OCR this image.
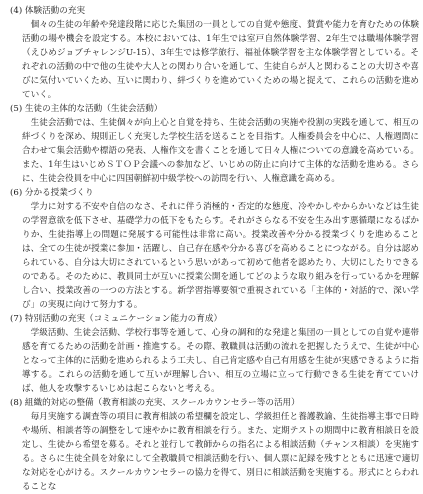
(4) 体験活動の充実

　個々の生徒の年齢や発達段階に応じた集団の一員としての自覚や態度、賛賞や能力を育むための体験活動の場や機会を設定する。本校においては、1年生では室戸自然体験学習、2年生では職場体験学習（えひめジョブチャレンジU-15）、3年生では修学旅行、福祉体験学習を主な体験学習としている。それぞれの活動の中で他の生徒や大人との関わり合いを通して、生徒自らが人と関わることの大切さや喜びに気付いていくため、互いに関わり、絆づくりを進めていくための場と捉えて、これらの活動を進めていく。

(5) 生徒の主体的な活動（生徒会活動）

　生徒会活動では、生徒個々が向上心と自覚を持ち、生徒会活動の実施や役割の実践を通して、相互の絆づくりを深め、規則正しく充実した学校生活を送ることを目指す。人権委員会を中心に、人権週間に合わせて集会活動や標語の発表、人権作文を書くことを通して日々人権についての意識を高めている。また、1年生はいじめＳＴＯＰ会議への参加など、いじめの防止に向けて主体的な活動を進める。さらに、生徒会役員を中心に四国朝鮮初中級学校への訪問を行い、人権意識を高める。

(6) 分かる授業づくり

　学力に対する不安や自信のなさ、それに伴う消極的・否定的な態度、冷やかしやからかいなどは生徒の学習意欲を低下させ、基礎学力の低下をもたらす。それがさらなる不安を生み出す悪循環になるばかりか、生徒指導上の問題に発展する可能性は非常に高い。授業改善や分かる授業づくりを進めることは、全ての生徒が授業に参加・活躍し、自己存在感や分かる喜びを高めることにつながる。自分は認められている、自分は大切にされているという思いがあって初めて他者を認めたり、大切にしたりできるのである。そのために、教員同士が互いに授業公開を通してどのような取り組みを行っているかを理解し合い、授業改善の一つの方法とする。新学習指導要領で重視されている「主体的・対話的で、深い学び」の実現に向けて努力する。

(7) 特別活動の充実（コミュニケーション能力の育成）

　学級活動、生徒会活動、学校行事等を通して、心身の調和的な発達と集団の一員としての自覚や連帯感を育てるための活動を計画・推進する。その際、教職員は活動の流れを把握したうえで、生徒が中心となって主体的に活動を進められるよう工夫し、自己肯定感や自己有用感を生徒が実感できるように指導する。これらの活動を通して互いが理解し合い、相互の立場に立って行動できる生徒を育てていけば、他人を攻撃するいじめは起こらないと考える。

(8) 組織的対応の整備（教育相談の充実、スクールカウンセラー等の活用）

　毎月実施する調査等の項目に教育相談の希望欄を設定し、学級担任と養護教諭、生徒指導主事で日時や場所、相談者等の調整をして速やかに教育相談を行う。また、定期テストの期間中に教育相談日を設定し、生徒から希望を募る。それと並行して教師からの指名による相談活動（チャンス相談）を実施する。さらに生徒全員を対象にして全教職員で相談活動を行い、個人票に記録を残すとともに迅速で適切な対応を心がける。スクールカウンセラーの協力を得て、別日に相談活動を実施する。形式にとらわれることな
